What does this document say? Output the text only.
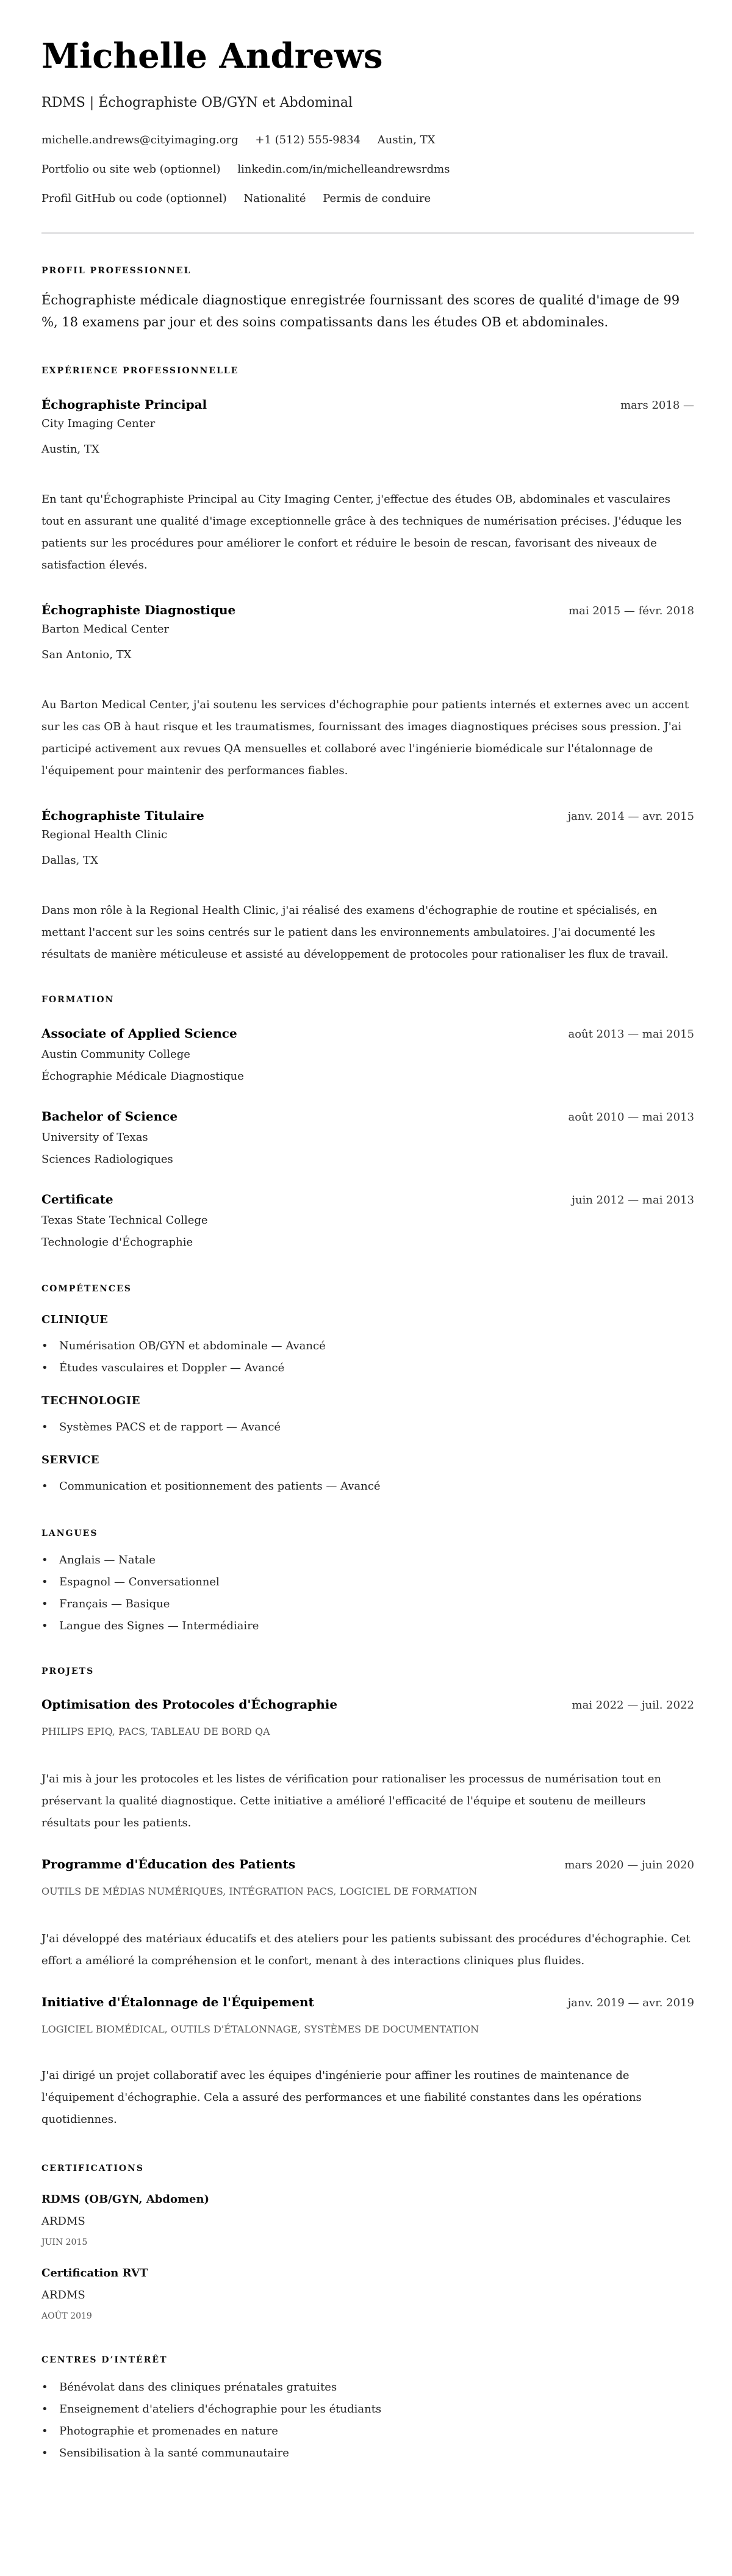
Michelle Andrews
RDMS | Échographiste OB/GYN et Abdominal
michelle.andrews@cityimaging.org +1 (512) 555-9834 Austin, TX
Portfolio ou site web (optionnel) linkedin.com/in/michelleandrewsrdms
Profil GitHub ou code (optionnel) Nationalité Permis de conduire
PROFIL PROFESSIONNEL
Échographiste médicale diagnostique enregistrée fournissant des scores de qualité d'image de 99 %, 18 examens par jour et des soins compatissants dans les études OB et abdominales.
EXPÉRIENCE PROFESSIONNELLE
Échographiste Principal	mars 2018 —
City Imaging Center
Austin, TX
En tant qu'Échographiste Principal au City Imaging Center, j'effectue des études OB, abdominales et vasculaires tout en assurant une qualité d'image exceptionnelle grâce à des techniques de numérisation précises. J'éduque les patients sur les procédures pour améliorer le confort et réduire le besoin de rescan, favorisant des niveaux de satisfaction élevés.
Échographiste Diagnostique	mai 2015 — févr. 2018
Barton Medical Center
San Antonio, TX
Au Barton Medical Center, j'ai soutenu les services d'échographie pour patients internés et externes avec un accent sur les cas OB à haut risque et les traumatismes, fournissant des images diagnostiques précises sous pression. J'ai participé activement aux revues QA mensuelles et collaboré avec l'ingénierie biomédicale sur l'étalonnage de l'équipement pour maintenir des performances fiables.
Échographiste Titulaire	janv. 2014 — avr. 2015
Regional Health Clinic
Dallas, TX
Dans mon rôle à la Regional Health Clinic, j'ai réalisé des examens d'échographie de routine et spécialisés, en mettant l'accent sur les soins centrés sur le patient dans les environnements ambulatoires. J'ai documenté les résultats de manière méticuleuse et assisté au développement de protocoles pour rationaliser les flux de travail.
FORMATION
Associate of Applied Science	août 2013 — mai 2015
Austin Community College
Échographie Médicale Diagnostique
Bachelor of Science	août 2010 — mai 2013
University of Texas
Sciences Radiologiques
Certificate	juin 2012 — mai 2013
Texas State Technical College
Technologie d'Échographie
COMPÉTENCES
CLINIQUE
• Numérisation OB/GYN et abdominale — Avancé
• Études vasculaires et Doppler — Avancé
TECHNOLOGIE
• Systèmes PACS et de rapport — Avancé
SERVICE
• Communication et positionnement des patients — Avancé
LANGUES
• Anglais — Natale
• Espagnol — Conversationnel
• Français — Basique
• Langue des Signes — Intermédiaire
PROJETS
Optimisation des Protocoles d'Échographie	mai 2022 — juil. 2022
PHILIPS EPIQ, PACS, TABLEAU DE BORD QA
J'ai mis à jour les protocoles et les listes de vérification pour rationaliser les processus de numérisation tout en préservant la qualité diagnostique. Cette initiative a amélioré l'efficacité de l'équipe et soutenu de meilleurs résultats pour les patients.
Programme d'Éducation des Patients	mars 2020 — juin 2020
OUTILS DE MÉDIAS NUMÉRIQUES, INTÉGRATION PACS, LOGICIEL DE FORMATION
J'ai développé des matériaux éducatifs et des ateliers pour les patients subissant des procédures d'échographie. Cet effort a amélioré la compréhension et le confort, menant à des interactions cliniques plus fluides.
Initiative d'Étalonnage de l'Équipement	janv. 2019 — avr. 2019
LOGICIEL BIOMÉDICAL, OUTILS D'ÉTALONNAGE, SYSTÈMES DE DOCUMENTATION
J'ai dirigé un projet collaboratif avec les équipes d'ingénierie pour affiner les routines de maintenance de l'équipement d'échographie. Cela a assuré des performances et une fiabilité constantes dans les opérations quotidiennes.
CERTIFICATIONS
RDMS (OB/GYN, Abdomen)
ARDMS
JUIN 2015
Certification RVT
ARDMS
AOÛT 2019
CENTRES D’INTÉRÊT
• Bénévolat dans des cliniques prénatales gratuites
• Enseignement d'ateliers d'échographie pour les étudiants
• Photographie et promenades en nature
• Sensibilisation à la santé communautaire
